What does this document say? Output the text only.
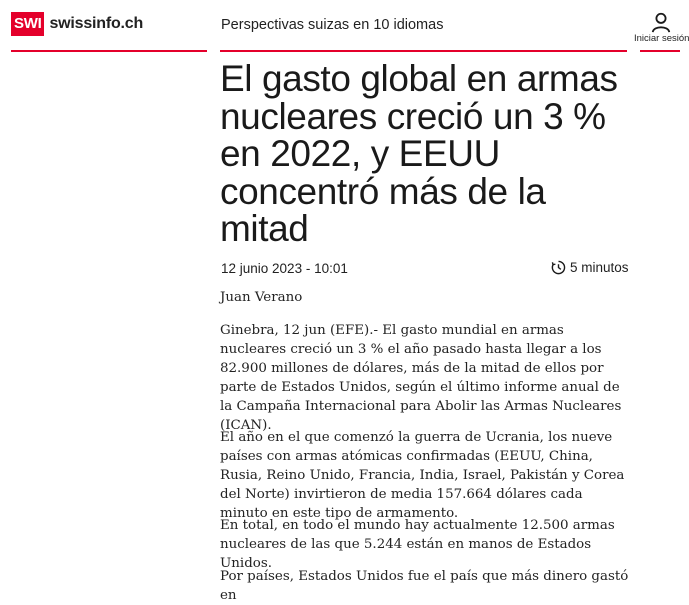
SWI swissinfo.ch	Perspectivas suizas en 10 idiomas
Iniciar sesión
El gasto global en armas nucleares creció un 3 % en 2022, y EEUU concentró más de la mitad
12 junio 2023 - 10:01	5 minutos
Juan Verano

Ginebra, 12 jun (EFE).- El gasto mundial en armas nucleares creció un 3 % el año pasado hasta llegar a los 82.900 millones de dólares, más de la mitad de ellos por parte de Estados Unidos, según el último informe anual de la Campaña Internacional para Abolir las Armas Nucleares (ICAN).

El año en el que comenzó la guerra de Ucrania, los nueve países con armas atómicas confirmadas (EEUU, China, Rusia, Reino Unido, Francia, India, Israel, Pakistán y Corea del Norte) invirtieron de media 157.664 dólares cada minuto en este tipo de armamento.

En total, en todo el mundo hay actualmente 12.500 armas nucleares de las que 5.244 están en manos de Estados Unidos.

Por países, Estados Unidos fue el país que más dinero gastó en
